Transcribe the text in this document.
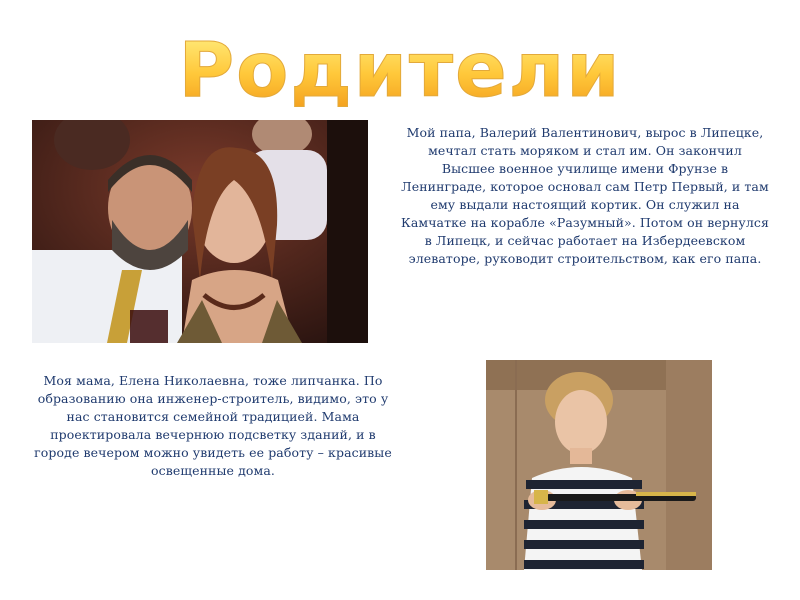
Родители
Мой папа, Валерий Валентинович, вырос в Липецке, мечтал стать моряком и стал им. Он закончил Высшее военное училище имени Фрунзе в Ленинграде, которое основал сам Петр Первый, и там ему выдали настоящий кортик. Он служил на Камчатке на корабле «Разумный». Потом он вернулся в Липецк, и сейчас работает на Избердеевском элеваторе, руководит строительством, как его папа.
Моя мама, Елена Николаевна, тоже липчанка. По образованию она инженер-строитель, видимо, это у нас становится семейной традицией. Мама проектировала вечернюю подсветку зданий, и в городе вечером можно увидеть ее работу – красивые освещенные дома.
